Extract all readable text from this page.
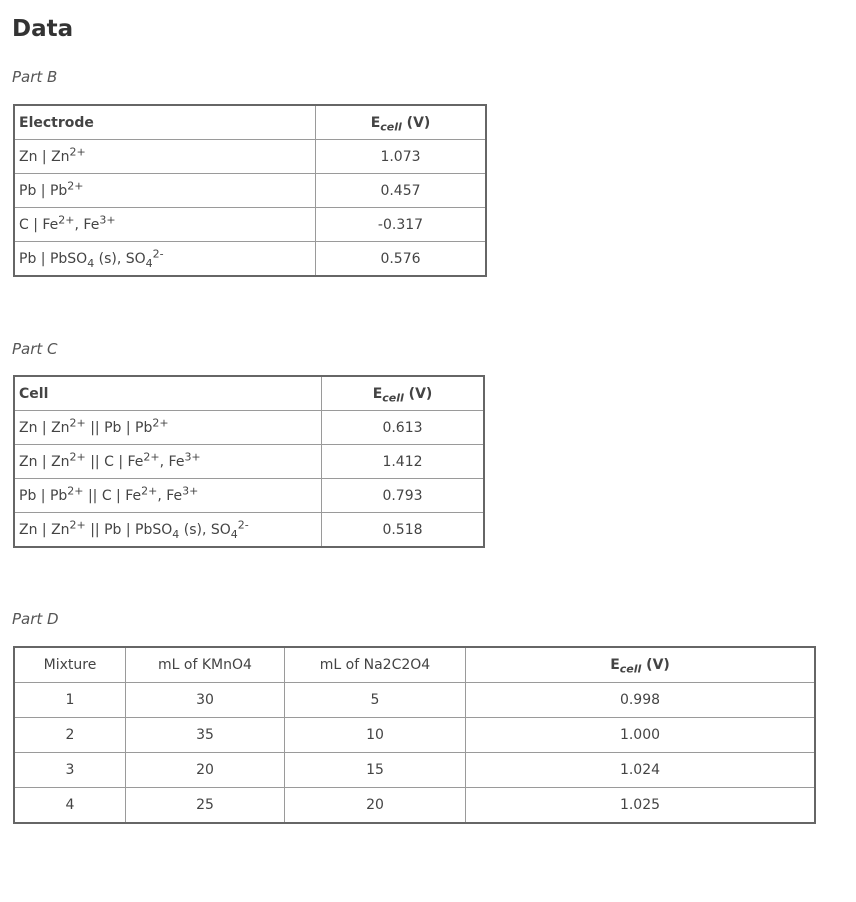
Data
Part B
Electrode	$E_{cell}$ (V)
Zn | $Zn^{2+}$	1.073
Pb | $Pb^{2+}$	0.457
C | $Fe^{2+}$, $Fe^{3+}$	-0.317
Pb | PbSO$_4$ (s), $SO_4^{2-}$	0.576
Part C
Cell	$E_{cell}$ (V)
Zn | $Zn^{2+}$ || Pb | $Pb^{2+}$	0.613
Zn | $Zn^{2+}$ || C | $Fe^{2+}$, $Fe^{3+}$	1.412
Pb | $Pb^{2+}$ || C | $Fe^{2+}$, $Fe^{3+}$	0.793
Zn | $Zn^{2+}$ || Pb | PbSO$_4$ (s), $SO_4^{2-}$	0.518
Part D
Mixture	mL of KMnO4	mL of Na2C2O4	$E_{cell}$ (V)
1	30	5	0.998
2	35	10	1.000
3	20	15	1.024
4	25	20	1.025
